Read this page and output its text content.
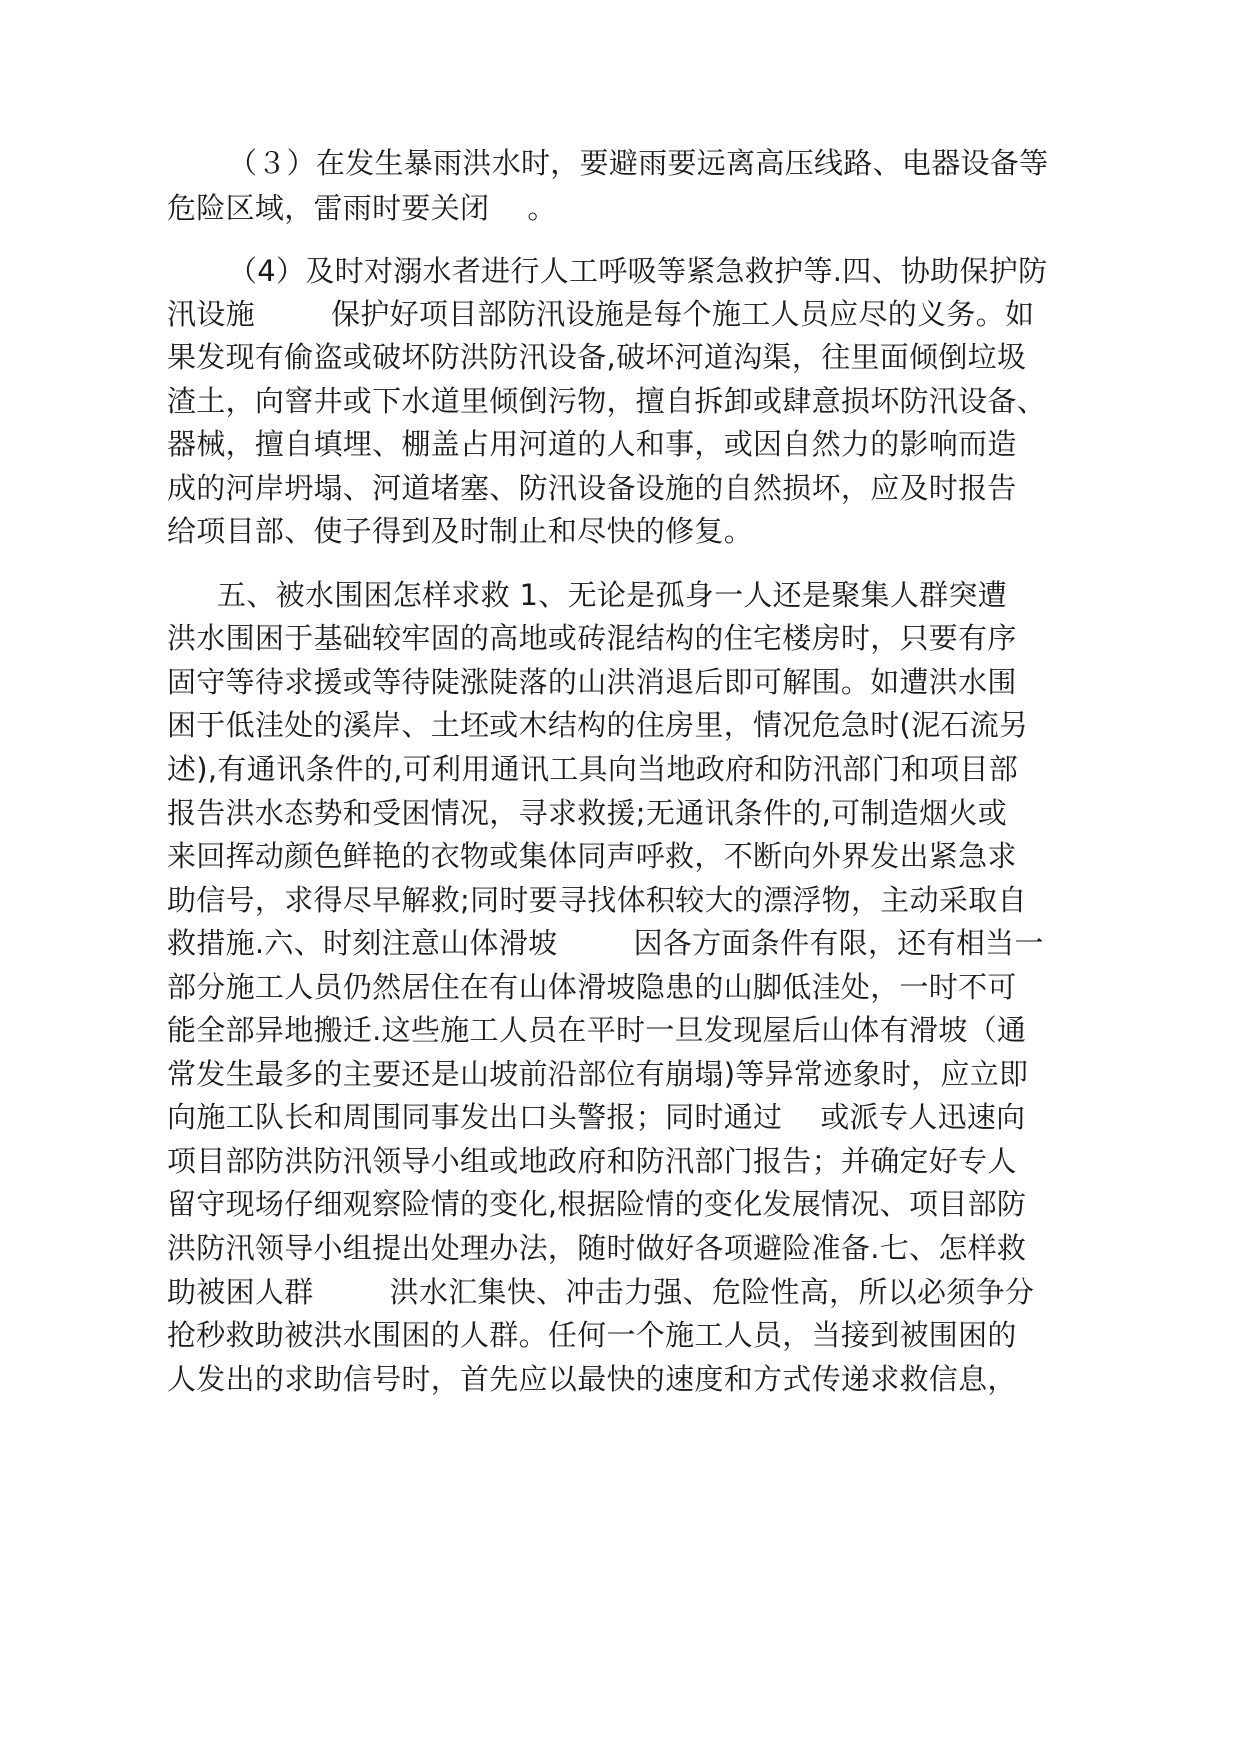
（３）在发生暴雨洪水时，要避雨要远离高压线路、电器设备等
危险区域，雷雨时要关闭    。
（4）及时对溺水者进行人工呼吸等紧急救护等.四、协助保护防
汛设施        保护好项目部防汛设施是每个施工人员应尽的义务。如
果发现有偷盗或破坏防洪防汛设备,破坏河道沟渠，往里面倾倒垃圾
渣土，向窨井或下水道里倾倒污物，擅自拆卸或肆意损坏防汛设备、
器械，擅自填埋、棚盖占用河道的人和事，或因自然力的影响而造
成的河岸坍塌、河道堵塞、防汛设备设施的自然损坏，应及时报告
给项目部、使子得到及时制止和尽快的修复。
五、被水围困怎样求救 1、无论是孤身一人还是聚集人群突遭
洪水围困于基础较牢固的高地或砖混结构的住宅楼房时，只要有序
固守等待求援或等待陡涨陡落的山洪消退后即可解围。如遭洪水围
困于低洼处的溪岸、土坯或木结构的住房里，情况危急时(泥石流另
述),有通讯条件的,可利用通讯工具向当地政府和防汛部门和项目部
报告洪水态势和受困情况，寻求救援;无通讯条件的,可制造烟火或
来回挥动颜色鲜艳的衣物或集体同声呼救，不断向外界发出紧急求
助信号，求得尽早解救;同时要寻找体积较大的漂浮物，主动采取自
救措施.六、时刻注意山体滑坡        因各方面条件有限，还有相当一
部分施工人员仍然居住在有山体滑坡隐患的山脚低洼处，一时不可
能全部异地搬迁.这些施工人员在平时一旦发现屋后山体有滑坡（通
常发生最多的主要还是山坡前沿部位有崩塌)等异常迹象时，应立即
向施工队长和周围同事发出口头警报；同时通过    或派专人迅速向
项目部防洪防汛领导小组或地政府和防汛部门报告；并确定好专人
留守现场仔细观察险情的变化,根据险情的变化发展情况、项目部防
洪防汛领导小组提出处理办法，随时做好各项避险准备.七、怎样救
助被困人群        洪水汇集快、冲击力强、危险性高，所以必须争分
抢秒救助被洪水围困的人群。任何一个施工人员，当接到被围困的
人发出的求助信号时，首先应以最快的速度和方式传递求救信息，
